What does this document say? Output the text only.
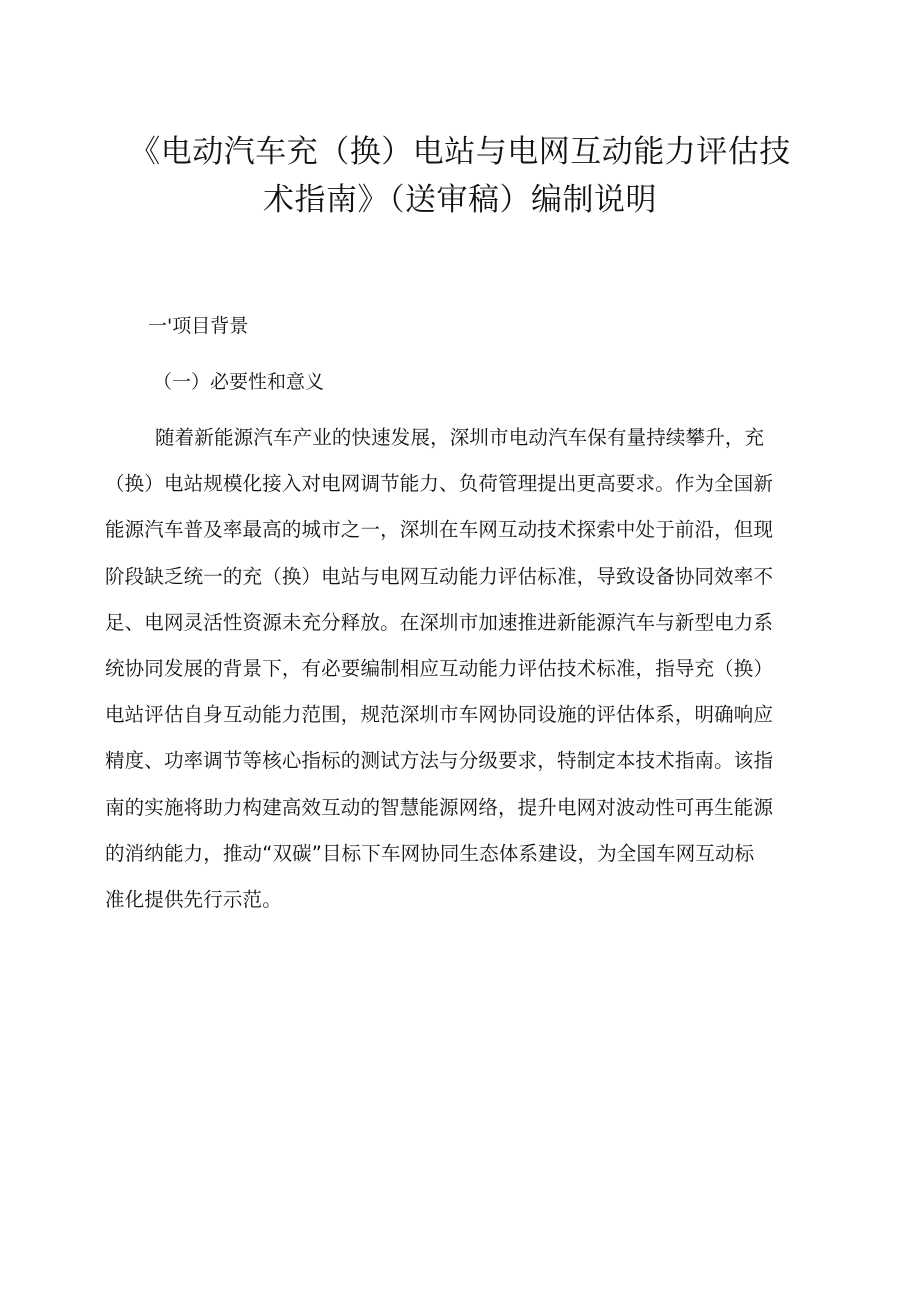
《电动汽车充（换）电站与电网互动能力评估技
术指南》（送审稿）编制说明
一'项目背景
（一）必要性和意义
随着新能源汽车产业的快速发展，深圳市电动汽车保有量持续攀升，充
（换）电站规模化接入对电网调节能力、负荷管理提出更高要求。作为全国新
能源汽车普及率最高的城市之一，深圳在车网互动技术探索中处于前沿，但现
阶段缺乏统一的充（换）电站与电网互动能力评估标准，导致设备协同效率不
足、电网灵活性资源未充分释放。在深圳市加速推进新能源汽车与新型电力系
统协同发展的背景下，有必要编制相应互动能力评估技术标准，指导充（换）
电站评估自身互动能力范围，规范深圳市车网协同设施的评估体系，明确响应
精度、功率调节等核心指标的测试方法与分级要求，特制定本技术指南。该指
南的实施将助力构建高效互动的智慧能源网络，提升电网对波动性可再生能源
的消纳能力，推动“双碳”目标下车网协同生态体系建设，为全国车网互动标
准化提供先行示范。
